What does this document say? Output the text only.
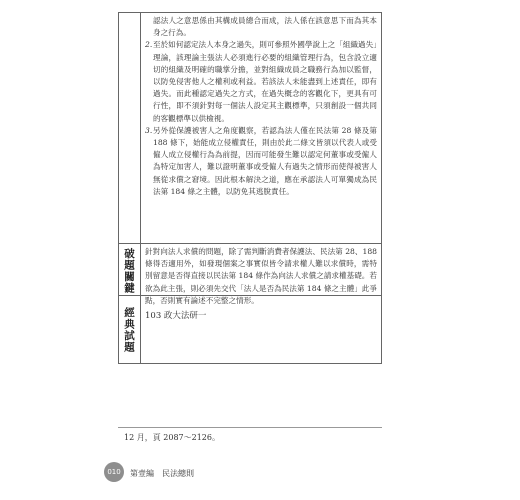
認法人之意思係由其構成員總合而成，法人係在該意思下而為其本身之行為。

2. 至於如何認定法人本身之過失，則可參照外國學說上之「組織過失」理論，該理論主張法人必須進行必要的組織管理行為，包含設立適切的組織及明確的職掌分擔，並對組織成員之職務行為加以監督，以防免侵害他人之權利或利益。若該法人未能盡到上述責任，即有過失。而此種認定過失之方式，在過失概念的客觀化下，更具有可行性，即不須針對每一個法人設定其主觀標準，只須創設一個共同的客觀標準以供檢視。
3. 另外從保護被害人之角度觀察，若認為法人僅在民法第 28 條及第 188 條下，始能成立侵權責任，則由於此二條文皆須以代表人或受僱人成立侵權行為為前提，因而可能發生難以認定何董事或受僱人為特定加害人，難以證明董事或受僱人有過失之情形而使得被害人無從求償之窘境。因此根本解決之道，應在承認法人可單獨成為民法第 184 條之主體，以防免其逃脫責任。
破題關鍵 針對向法人求償的問題，除了需判斷消費者保護法、民法第 28、188 條得否適用外，如發現個案之事實似皆令請求權人難以求償時，需特別留意是否得直接以民法第 184 條作為向法人求償之請求權基礎。若欲為此主張，則必須先交代「法人是否為民法第 184 條之主體」此爭點，否則實有論述不完整之情形。

經典試題 103 政大法研一

12 月，頁 2087～2126。
010 第壹編　民法總則
